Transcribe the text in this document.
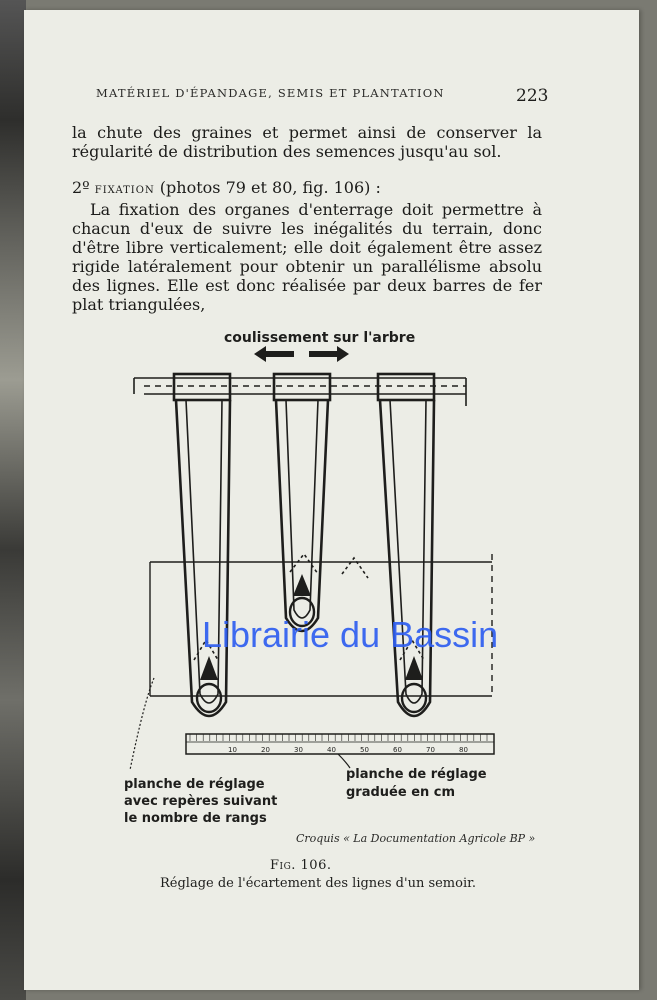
MATÉRIEL D'ÉPANDAGE, SEMIS ET PLANTATION	223
la chute des graines et permet ainsi de conserver la régularité de distribution des semences jusqu'au sol.
2º fixation (photos 79 et 80, fig. 106) :
La fixation des organes d'enterrage doit permettre à chacun d'eux de suivre les inégalités du terrain, donc d'être libre verticalement; elle doit également être assez rigide latéralement pour obtenir un parallélisme absolu des lignes. Elle est donc réalisée par deux barres de fer plat triangulées,
coulissement sur l'arbre
10	20	30	40	50	60	70	80
planche de réglage
avec repères suivant
le nombre de rangs
planche de réglage
graduée en cm
Librairie du Bassin
Croquis « La Documentation Agricole BP »
Fig. 106.
Réglage de l'écartement des lignes d'un semoir.
